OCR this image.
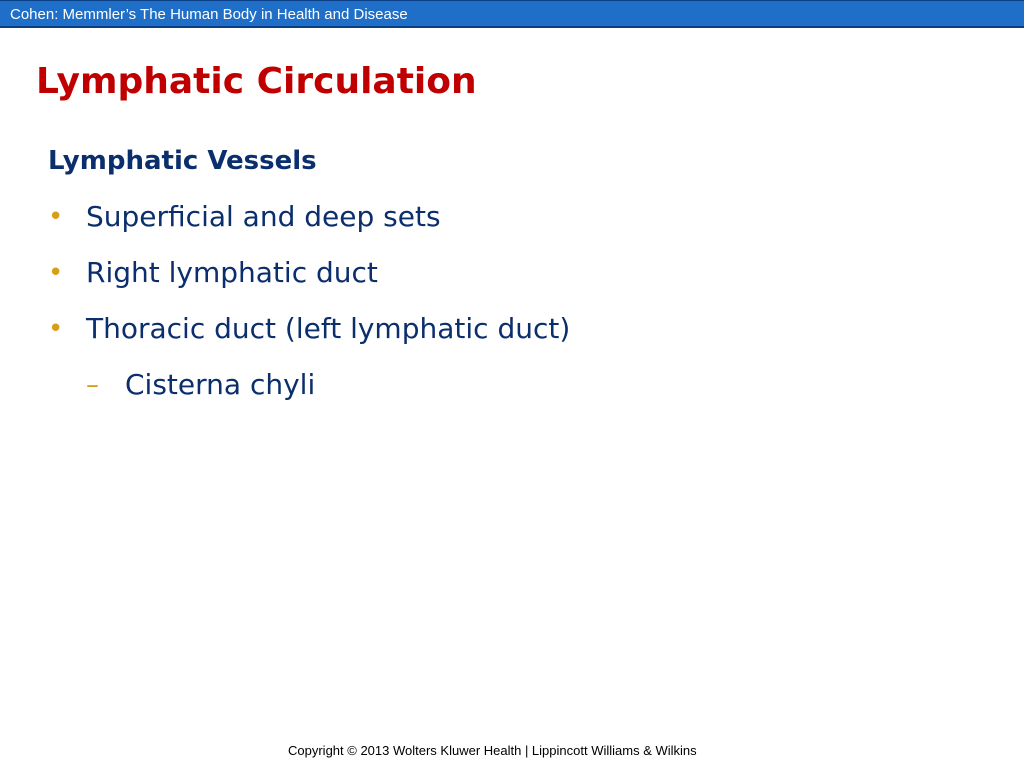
Cohen: Memmler’s The Human Body in Health and Disease
Lymphatic Circulation
Lymphatic Vessels
• Superficial and deep sets
• Right lymphatic duct
• Thoracic duct (left lymphatic duct)
– Cisterna chyli
Copyright © 2013 Wolters Kluwer Health | Lippincott Williams & Wilkins
